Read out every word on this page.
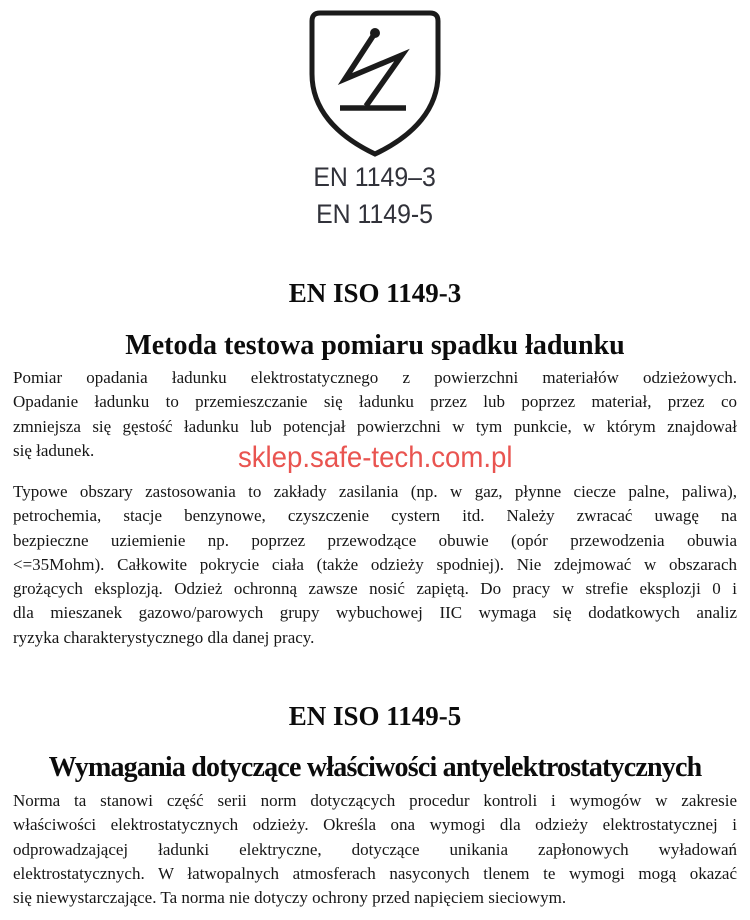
EN 1149–3
EN 1149-5
EN ISO 1149-3
Metoda testowa pomiaru spadku ładunku
Pomiar opadania ładunku elektrostatycznego z powierzchni materiałów odzieżowych.
Opadanie ładunku to przemieszczanie się ładunku przez lub poprzez materiał, przez co
zmniejsza się gęstość ładunku lub potencjał powierzchni w tym punkcie, w którym znajdował
się ładunek.	sklep.safe-tech.com.pl
Typowe obszary zastosowania to zakłady zasilania (np. w gaz, płynne ciecze palne, paliwa),
petrochemia, stacje benzynowe, czyszczenie cystern itd. Należy zwracać uwagę na
bezpieczne uziemienie np. poprzez przewodzące obuwie (opór przewodzenia obuwia
<=35Mohm). Całkowite pokrycie ciała (także odzieży spodniej). Nie zdejmować w obszarach
grożących eksplozją. Odzież ochronną zawsze nosić zapiętą. Do pracy w strefie eksplozji 0 i
dla mieszanek gazowo/parowych grupy wybuchowej IIC wymaga się dodatkowych analiz
ryzyka charakterystycznego dla danej pracy.
EN ISO 1149-5
Wymagania dotyczące właściwości antyelektrostatycznych
Norma ta stanowi część serii norm dotyczących procedur kontroli i wymogów w zakresie
właściwości elektrostatycznych odzieży. Określa ona wymogi dla odzieży elektrostatycznej i
odprowadzającej ładunki elektryczne, dotyczące unikania zapłonowych wyładowań
elektrostatycznych. W łatwopalnych atmosferach nasyconych tlenem te wymogi mogą okazać
się niewystarczające. Ta norma nie dotyczy ochrony przed napięciem sieciowym.
